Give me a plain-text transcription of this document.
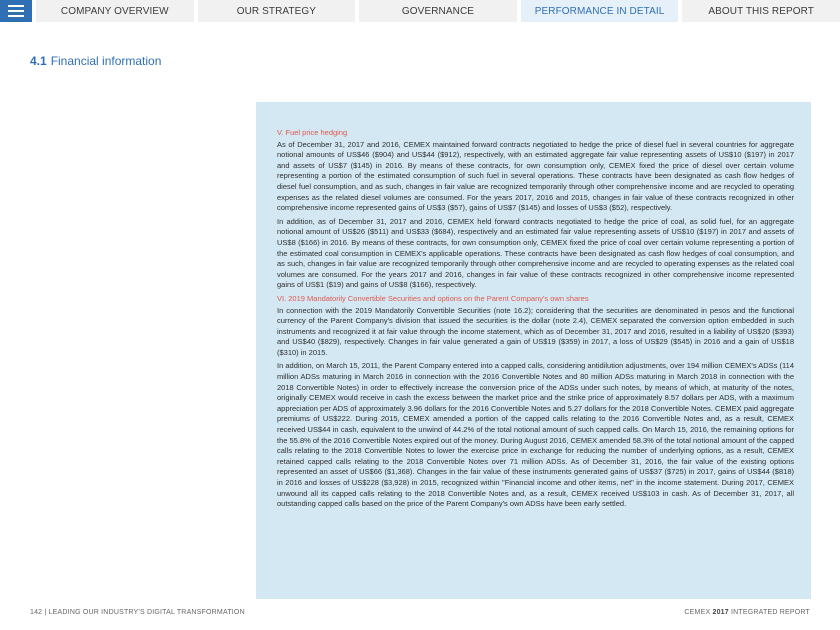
COMPANY OVERVIEW	OUR STRATEGY	GOVERNANCE	PERFORMANCE IN DETAIL	ABOUT THIS REPORT
4.1 Financial information

V. Fuel price hedging

As of December 31, 2017 and 2016, CEMEX maintained forward contracts negotiated to hedge the price of diesel fuel in several countries for aggregate notional amounts of US$46 ($904) and US$44 ($912), respectively, with an estimated aggregate fair value representing assets of US$10 ($197) in 2017 and assets of US$7 ($145) in 2016. By means of these contracts, for own consumption only, CEMEX fixed the price of diesel over certain volume representing a portion of the estimated consumption of such fuel in several operations. These contracts have been designated as cash flow hedges of diesel fuel consumption, and as such, changes in fair value are recognized temporarily through other comprehensive income and are recycled to operating expenses as the related diesel volumes are consumed. For the years 2017, 2016 and 2015, changes in fair value of these contracts recognized in other comprehensive income represented gains of US$3 ($57), gains of US$7 ($145) and losses of US$3 ($52), respectively.

In addition, as of December 31, 2017 and 2016, CEMEX held forward contracts negotiated to hedge the price of coal, as solid fuel, for an aggregate notional amount of US$26 ($511) and US$33 ($684), respectively and an estimated fair value representing assets of US$10 ($197) in 2017 and assets of US$8 ($166) in 2016. By means of these contracts, for own consumption only, CEMEX fixed the price of coal over certain volume representing a portion of the estimated coal consumption in CEMEX's applicable operations. These contracts have been designated as cash flow hedges of coal consumption, and as such, changes in fair value are recognized temporarily through other comprehensive income and are recycled to operating expenses as the related coal volumes are consumed. For the years 2017 and 2016, changes in fair value of these contracts recognized in other comprehensive income represented gains of US$1 ($19) and gains of US$8 ($166), respectively.

VI. 2019 Mandatorily Convertible Securities and options on the Parent Company's own shares

In connection with the 2019 Mandatorily Convertible Securities (note 16.2); considering that the securities are denominated in pesos and the functional currency of the Parent Company's division that issued the securities is the dollar (note 2.4), CEMEX separated the conversion option embedded in such instruments and recognized it at fair value through the income statement, which as of December 31, 2017 and 2016, resulted in a liability of US$20 ($393) and US$40 ($829), respectively. Changes in fair value generated a gain of US$19 ($359) in 2017, a loss of US$29 ($545) in 2016 and a gain of US$18 ($310) in 2015.

In addition, on March 15, 2011, the Parent Company entered into a capped calls, considering antidilution adjustments, over 194 million CEMEX's ADSs (114 million ADSs maturing in March 2016 in connection with the 2016 Convertible Notes and 80 million ADSs maturing in March 2018 in connection with the 2018 Convertible Notes) in order to effectively increase the conversion price of the ADSs under such notes, by means of which, at maturity of the notes, originally CEMEX would receive in cash the excess between the market price and the strike price of approximately 8.57 dollars per ADS, with a maximum appreciation per ADS of approximately 3.96 dollars for the 2016 Convertible Notes and 5.27 dollars for the 2018 Convertible Notes. CEMEX paid aggregate premiums of US$222. During 2015, CEMEX amended a portion of the capped calls relating to the 2016 Convertible Notes and, as a result, CEMEX received US$44 in cash, equivalent to the unwind of 44.2% of the total notional amount of such capped calls. On March 15, 2016, the remaining options for the 55.8% of the 2016 Convertible Notes expired out of the money. During August 2016, CEMEX amended 58.3% of the total notional amount of the capped calls relating to the 2018 Convertible Notes to lower the exercise price in exchange for reducing the number of underlying options, as a result, CEMEX retained capped calls relating to the 2018 Convertible Notes over 71 million ADSs. As of December 31, 2016, the fair value of the existing options represented an asset of US$66 ($1,368). Changes in the fair value of these instruments generated gains of US$37 ($725) in 2017, gains of US$44 ($818) in 2016 and losses of US$228 ($3,928) in 2015, recognized within "Financial income and other items, net" in the income statement. During 2017, CEMEX unwound all its capped calls relating to the 2018 Convertible Notes and, as a result, CEMEX received US$103 in cash. As of December 31, 2017, all outstanding capped calls based on the price of the Parent Company's own ADSs have been early settled.

142 | LEADING OUR INDUSTRY'S DIGITAL TRANSFORMATION	CEMEX 2017 INTEGRATED REPORT
